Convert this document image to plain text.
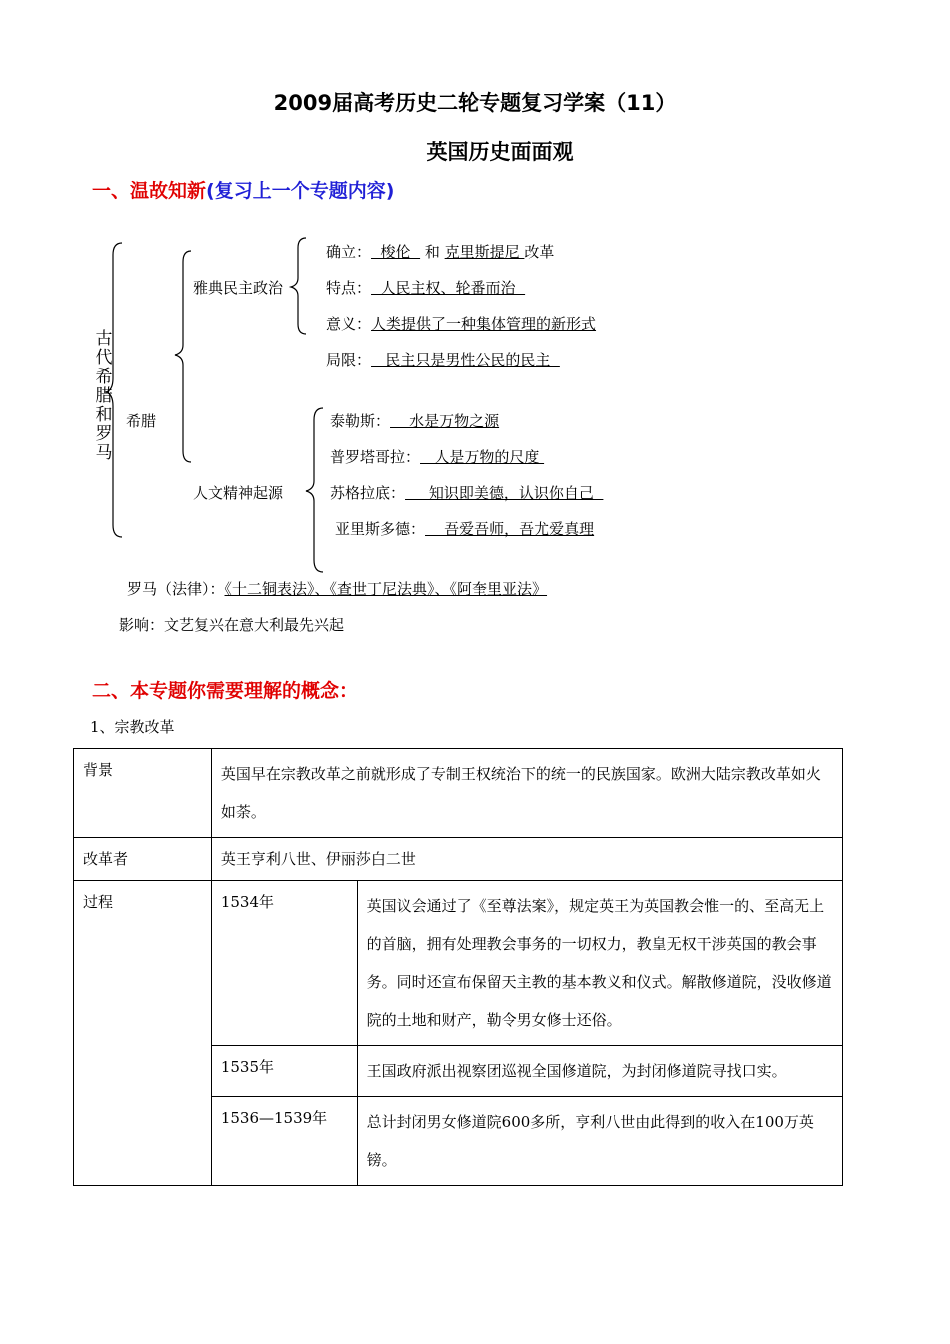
2009届高考历史二轮专题复习学案（11）
英国历史面面观
一、温故知新(复习上一个专题内容)
古代希腊和罗马
希腊
雅典民主政治
人文精神起源
确立：  梭伦   和 克里斯提尼 改革
特点：  人民主权、轮番而治
意义：人类提供了一种集体管理的新形式
局限：   民主只是男性公民的民主
泰勒斯：    水是万物之源
普罗塔哥拉：   人是万物的尺度
苏格拉底：     知识即美德，认识你自己
亚里斯多德：    吾爱吾师，吾尤爱真理
罗马（法律）：《十二铜表法》、《查世丁尼法典》、《阿奎里亚法》
影响：文艺复兴在意大利最先兴起
二、本专题你需要理解的概念：
1、宗教改革
背景	英国早在宗教改革之前就形成了专制王权统治下的统一的民族国家。欧洲大陆宗教改革如火如荼。	
改革者	英王亨利八世、伊丽莎白二世	
过程	1534年	英国议会通过了《至尊法案》，规定英王为英国教会惟一的、至高无上的首脑，拥有处理教会事务的一切权力，教皇无权干涉英国的教会事务。同时还宣布保留天主教的基本教义和仪式。解散修道院，没收修道院的土地和财产，勒令男女修士还俗。
	1535年	王国政府派出视察团巡视全国修道院，为封闭修道院寻找口实。
	1536—1539年	总计封闭男女修道院600多所，亨利八世由此得到的收入在100万英镑。
